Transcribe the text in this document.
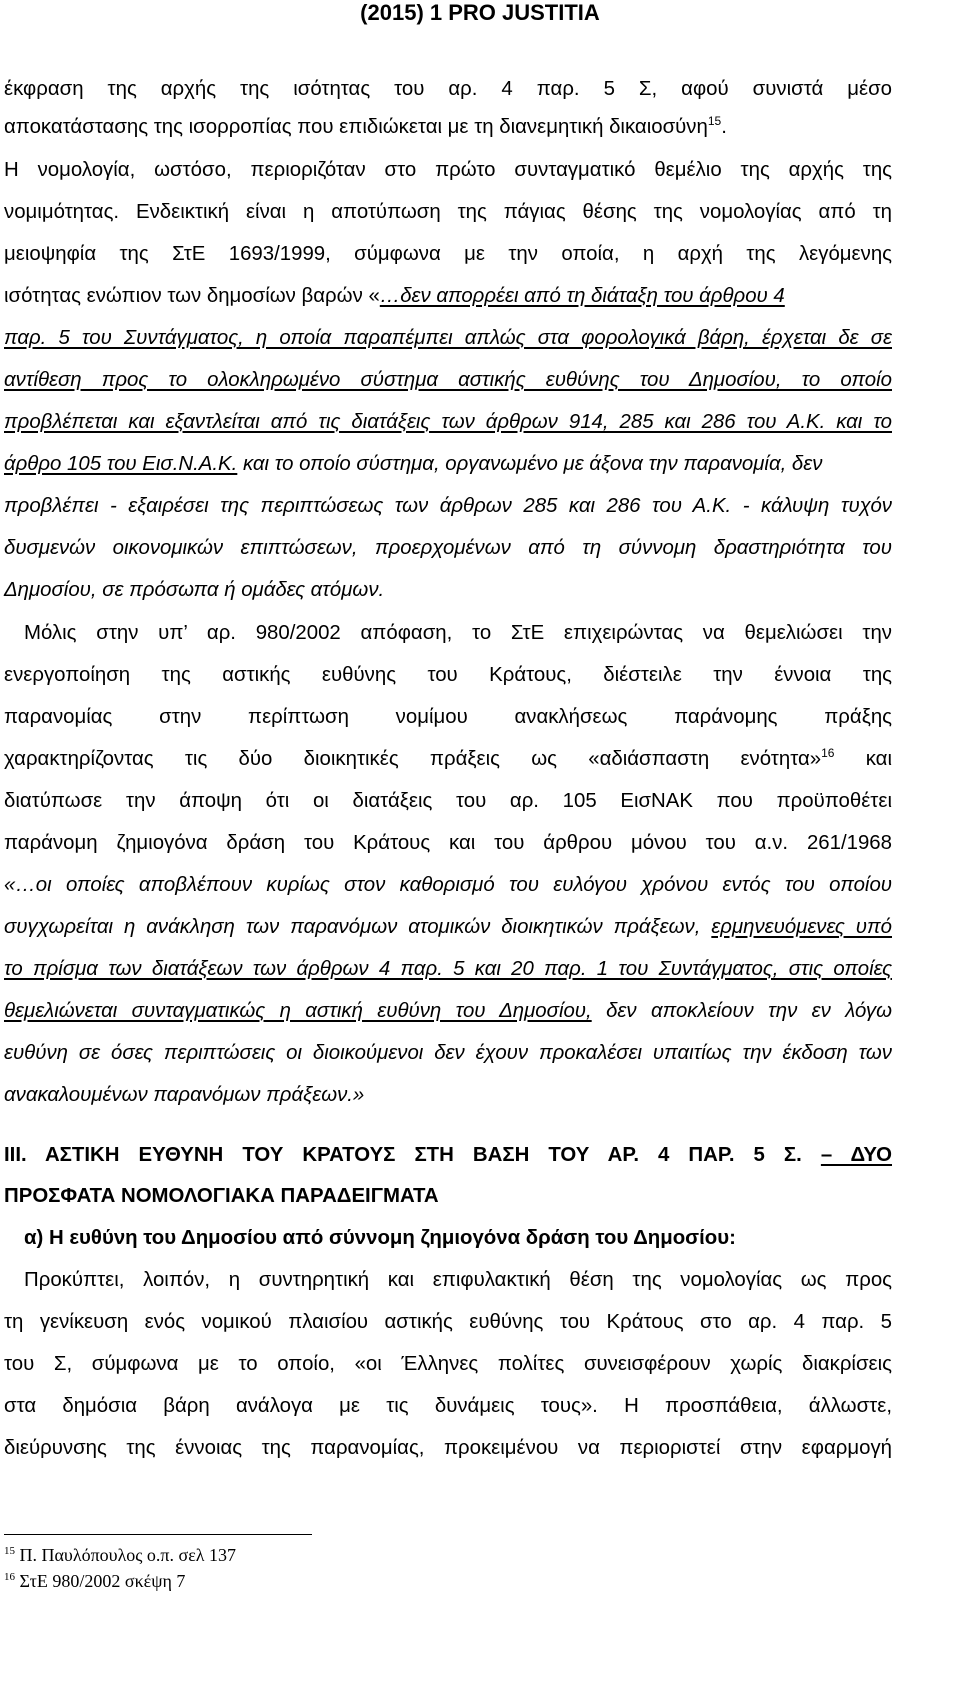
(2015) 1 PRO JUSTITIA
έκφραση της αρχής της ισότητας του αρ. 4 παρ. 5 Σ, αφού συνιστά μέσο
αποκατάστασης της ισορροπίας που επιδιώκεται με τη διανεμητική δικαιοσύνη$^{15}$.
Η νομολογία, ωστόσο, περιοριζόταν στο πρώτο συνταγματικό θεμέλιο της αρχής της
νομιμότητας. Ενδεικτική είναι η αποτύπωση της πάγιας θέσης της νομολογίας από τη
μειοψηφία της ΣτΕ 1693/1999, σύμφωνα με την οποία, η αρχή της λεγόμενης
ισότητας ενώπιον των δημοσίων βαρών «…δεν απορρέει από τη διάταξη του άρθρου 4
παρ. 5 του Συντάγματος, η οποία παραπέμπει απλώς στα φορολογικά βάρη, έρχεται δε σε
αντίθεση προς το ολοκληρωμένο σύστημα αστικής ευθύνης του Δημοσίου, το οποίο
προβλέπεται και εξαντλείται από τις διατάξεις των άρθρων 914, 285 και 286 του Α.Κ. και το
άρθρο 105 του Εισ.Ν.Α.Κ. και το οποίο σύστημα, οργανωμένο με άξονα την παρανομία, δεν
προβλέπει - εξαιρέσει της περιπτώσεως των άρθρων 285 και 286 του Α.Κ. - κάλυψη τυχόν
δυσμενών οικονομικών επιπτώσεων, προερχομένων από τη σύννομη δραστηριότητα του
Δημοσίου, σε πρόσωπα ή ομάδες ατόμων.
Μόλις στην υπ’ αρ. 980/2002 απόφαση, το ΣτΕ επιχειρώντας να θεμελιώσει την
ενεργοποίηση της αστικής ευθύνης του Κράτους, διέστειλε την έννοια της
παρανομίας στην περίπτωση νομίμου ανακλήσεως παράνομης πράξης
χαρακτηρίζοντας τις δύο διοικητικές πράξεις ως «αδιάσπαστη ενότητα»$^{16}$ και
διατύπωσε την άποψη ότι οι διατάξεις του αρ. 105 ΕισΝΑΚ που προϋποθέτει
παράνομη ζημιογόνα δράση του Κράτους και του άρθρου μόνου του α.ν. 261/1968
«…οι οποίες αποβλέπουν κυρίως στον καθορισμό του ευλόγου χρόνου εντός του οποίου
συγχωρείται η ανάκληση των παρανόμων ατομικών διοικητικών πράξεων, ερμηνευόμενες υπό
το πρίσμα των διατάξεων των άρθρων 4 παρ. 5 και 20 παρ. 1 του Συντάγματος, στις οποίες
θεμελιώνεται συνταγματικώς η αστική ευθύνη του Δημοσίου, δεν αποκλείουν την εν λόγω
ευθύνη σε όσες περιπτώσεις οι διοικούμενοι δεν έχουν προκαλέσει υπαιτίως την έκδοση των
ανακαλουμένων παρανόμων πράξεων.»
ΙΙΙ. ΑΣΤΙΚΗ ΕΥΘΥΝΗ ΤΟΥ ΚΡΑΤΟΥΣ ΣΤΗ ΒΑΣΗ ΤΟΥ ΑΡ. 4 ΠΑΡ. 5 Σ. – ΔΥΟ
ΠΡΟΣΦΑΤΑ ΝΟΜΟΛΟΓΙΑΚΑ ΠΑΡΑΔΕΙΓΜΑΤΑ
α) Η ευθύνη του Δημοσίου από σύννομη ζημιογόνα δράση του Δημοσίου:
Προκύπτει, λοιπόν, η συντηρητική και επιφυλακτική θέση της νομολογίας ως προς
τη γενίκευση ενός νομικού πλαισίου αστικής ευθύνης του Κράτους στο αρ. 4 παρ. 5
του Σ, σύμφωνα με το οποίο, «οι Έλληνες πολίτες συνεισφέρουν χωρίς διακρίσεις
στα δημόσια βάρη ανάλογα με τις δυνάμεις τους». Η προσπάθεια, άλλωστε,
διεύρυνσης της έννοιας της παρανομίας, προκειμένου να περιοριστεί στην εφαρμογή
$^{15}$ Π. Παυλόπουλος ο.π. σελ 137
$^{16}$ ΣτΕ 980/2002 σκέψη 7
